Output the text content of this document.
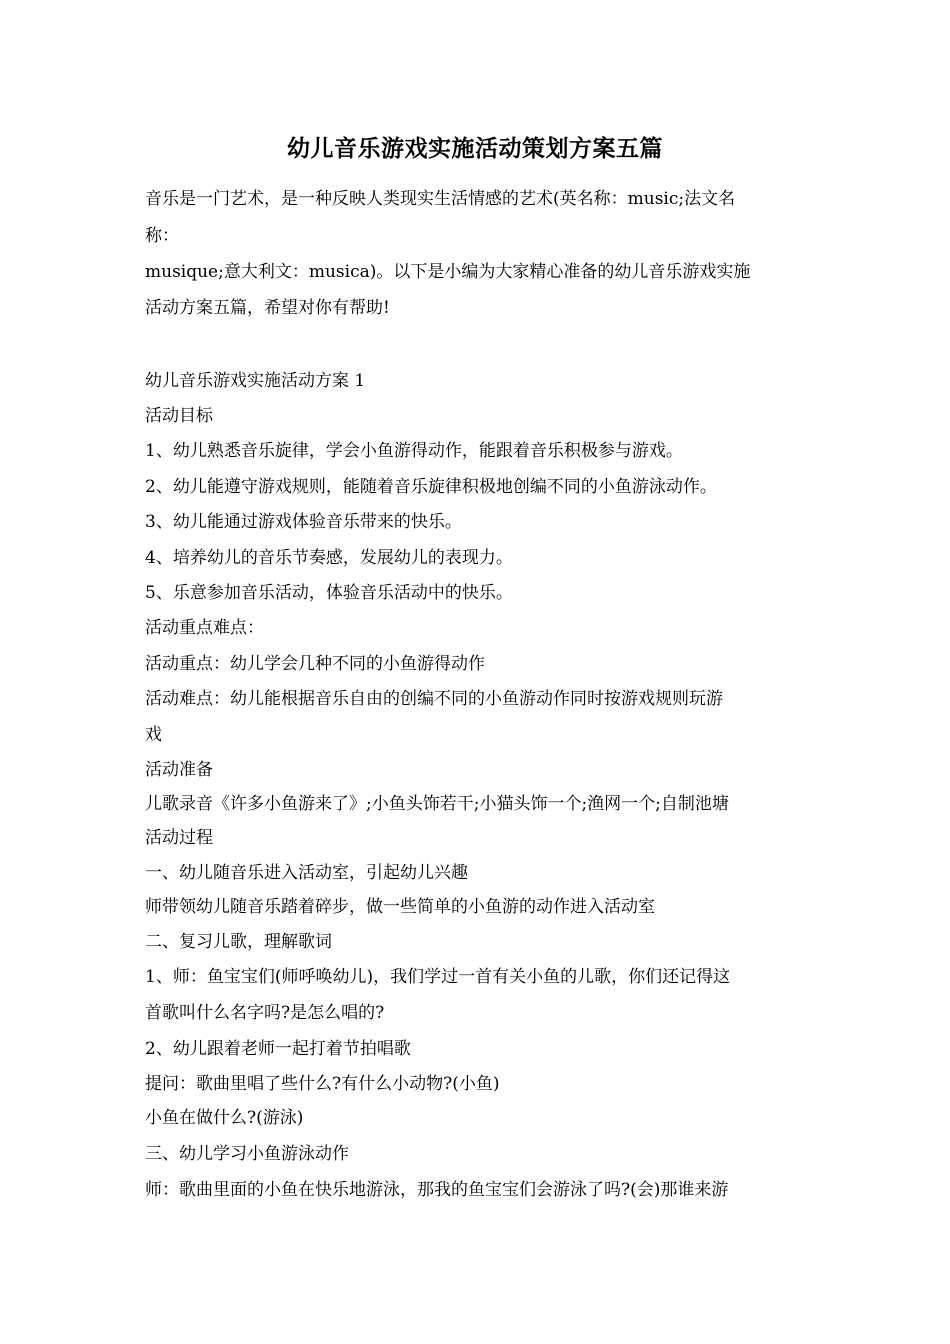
幼儿音乐游戏实施活动策划方案五篇
音乐是一门艺术，是一种反映人类现实生活情感的艺术(英名称：music;法文名
称：
musique;意大利文：musica)。以下是小编为大家精心准备的幼儿音乐游戏实施
活动方案五篇，希望对你有帮助!
幼儿音乐游戏实施活动方案 1
活动目标
1、幼儿熟悉音乐旋律，学会小鱼游得动作，能跟着音乐积极参与游戏。
2、幼儿能遵守游戏规则，能随着音乐旋律积极地创编不同的小鱼游泳动作。
3、幼儿能通过游戏体验音乐带来的快乐。
4、培养幼儿的音乐节奏感，发展幼儿的表现力。
5、乐意参加音乐活动，体验音乐活动中的快乐。
活动重点难点：
活动重点：幼儿学会几种不同的小鱼游得动作
活动难点：幼儿能根据音乐自由的创编不同的小鱼游动作同时按游戏规则玩游
戏
活动准备
儿歌录音《许多小鱼游来了》;小鱼头饰若干;小猫头饰一个;渔网一个;自制池塘
活动过程
一、幼儿随音乐进入活动室，引起幼儿兴趣
师带领幼儿随音乐踏着碎步，做一些简单的小鱼游的动作进入活动室
二、复习儿歌，理解歌词
1、师：鱼宝宝们(师呼唤幼儿)，我们学过一首有关小鱼的儿歌，你们还记得这
首歌叫什么名字吗?是怎么唱的?
2、幼儿跟着老师一起打着节拍唱歌
提问：歌曲里唱了些什么?有什么小动物?(小鱼)
小鱼在做什么?(游泳)
三、幼儿学习小鱼游泳动作
师：歌曲里面的小鱼在快乐地游泳，那我的鱼宝宝们会游泳了吗?(会)那谁来游
